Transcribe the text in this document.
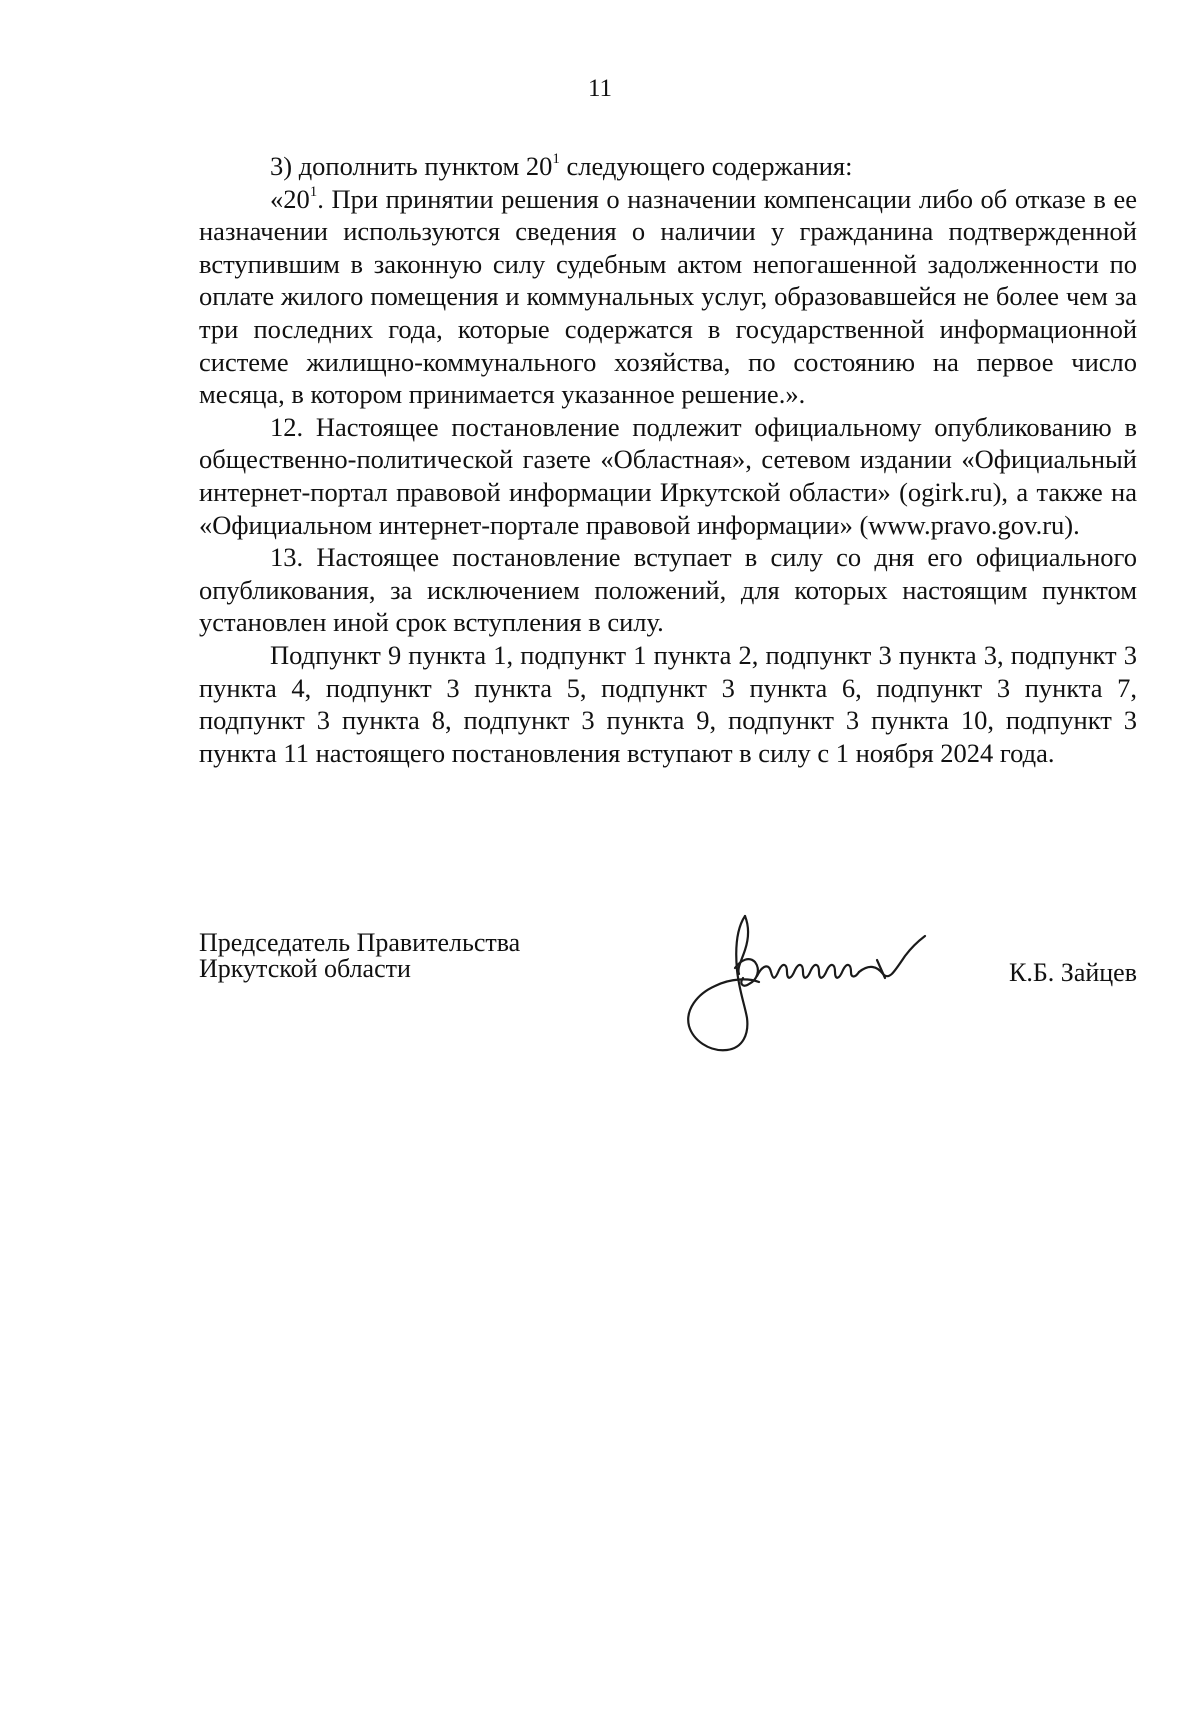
11

3) дополнить пунктом $20^1$ следующего содержания:

«$20^1$. При принятии решения о назначении компенсации либо об отказе в ее назначении используются сведения о наличии у гражданина подтвержденной вступившим в законную силу судебным актом непогашенной задолженности по оплате жилого помещения и коммунальных услуг, образовавшейся не более чем за три последних года, которые содержатся в государственной информационной системе жилищно-коммунального хозяйства, по состоянию на первое число месяца, в котором принимается указанное решение.».

12. Настоящее постановление подлежит официальному опубликованию в общественно-политической газете «Областная», сетевом издании «Официальный интернет-портал правовой информации Иркутской области» (ogirk.ru), а также на «Официальном интернет-портале правовой информации» (www.pravo.gov.ru).

13. Настоящее постановление вступает в силу со дня его официального опубликования, за исключением положений, для которых настоящим пунктом установлен иной срок вступления в силу.

Подпункт 9 пункта 1, подпункт 1 пункта 2, подпункт 3 пункта 3, подпункт 3 пункта 4, подпункт 3 пункта 5, подпункт 3 пункта 6, подпункт 3 пункта 7, подпункт 3 пункта 8, подпункт 3 пункта 9, подпункт 3 пункта 10, подпункт 3 пункта 11 настоящего постановления вступают в силу с 1 ноября 2024 года.

Председатель Правительства
Иркутской области	К.Б. Зайцев
